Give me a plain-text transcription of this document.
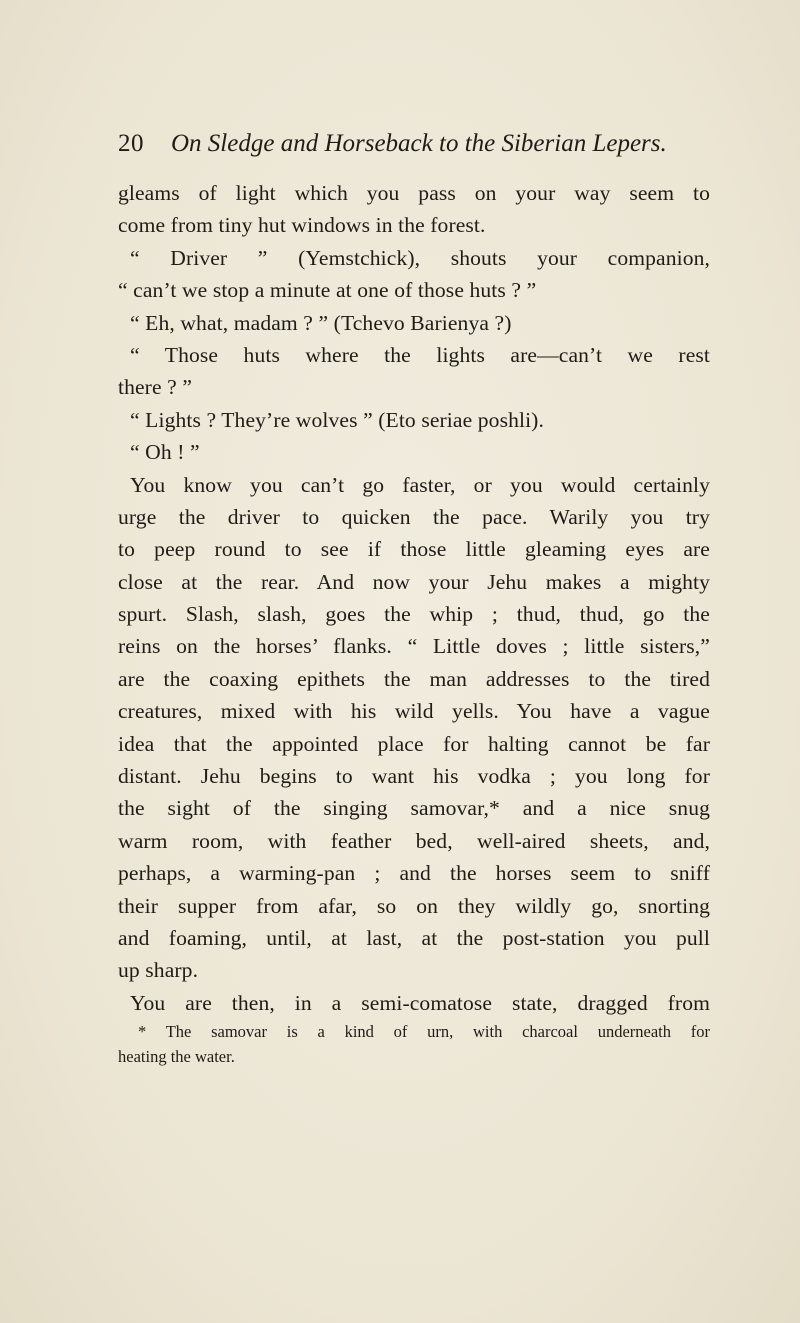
20 On Sledge and Horseback to the Siberian Lepers.
gleams of light which you pass on your way seem to
come from tiny hut windows in the forest.
“ Driver ” (Yemstchick), shouts your companion,
“ can’t we stop a minute at one of those huts ? ”
“ Eh, what, madam ? ” (Tchevo Barienya ?)
“ Those huts where the lights are—can’t we rest
there ? ”
“ Lights ? They’re wolves ” (Eto seriae poshli).
“ Oh ! ”
You know you can’t go faster, or you would certainly
urge the driver to quicken the pace. Warily you try
to peep round to see if those little gleaming eyes are
close at the rear. And now your Jehu makes a mighty
spurt. Slash, slash, goes the whip ; thud, thud, go the
reins on the horses’ flanks. “ Little doves ; little sisters,”
are the coaxing epithets the man addresses to the tired
creatures, mixed with his wild yells. You have a vague
idea that the appointed place for halting cannot be far
distant. Jehu begins to want his vodka ; you long for
the sight of the singing samovar,* and a nice snug
warm room, with feather bed, well-aired sheets, and,
perhaps, a warming-pan ; and the horses seem to sniff
their supper from afar, so on they wildly go, snorting
and foaming, until, at last, at the post-station you pull
up sharp.
You are then, in a semi-comatose state, dragged from
* The samovar is a kind of urn, with charcoal underneath for
heating the water.
